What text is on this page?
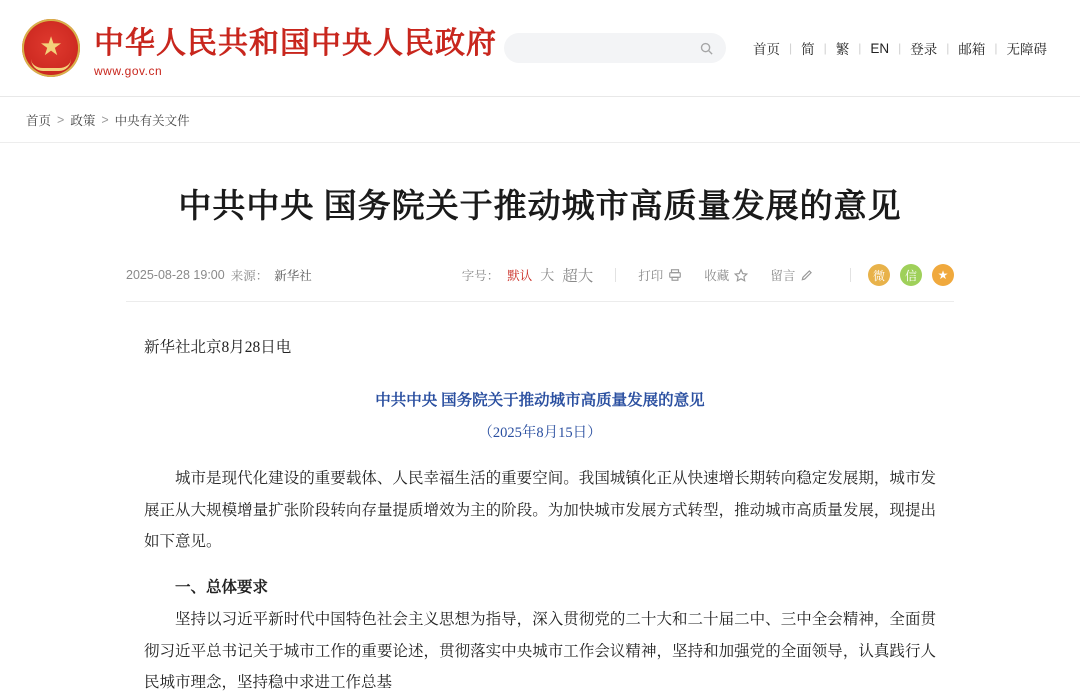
★ 中华人民共和国中央人民政府
www.gov.cn
首页 | 简 | 繁 | EN | 登录 | 邮箱 | 无障碍
首页 > 政策 > 中央有关文件
中共中央 国务院关于推动城市高质量发展的意见
2025-08-28 19:00 来源： 新华社	字号： 默认 大 超大	打印	收藏	留言	微	信	★
新华社北京8月28日电
中共中央 国务院关于推动城市高质量发展的意见
（2025年8月15日）

城市是现代化建设的重要载体、人民幸福生活的重要空间。我国城镇化正从快速增长期转向稳定发展期，城市发展正从大规模增量扩张阶段转向存量提质增效为主的阶段。为加快城市发展方式转型，推动城市高质量发展，现提出如下意见。

一、总体要求

坚持以习近平新时代中国特色社会主义思想为指导，深入贯彻党的二十大和二十届二中、三中全会精神，全面贯彻习近平总书记关于城市工作的重要论述，贯彻落实中央城市工作会议精神，坚持和加强党的全面领导，认真践行人民城市理念，坚持稳中求进工作总基
